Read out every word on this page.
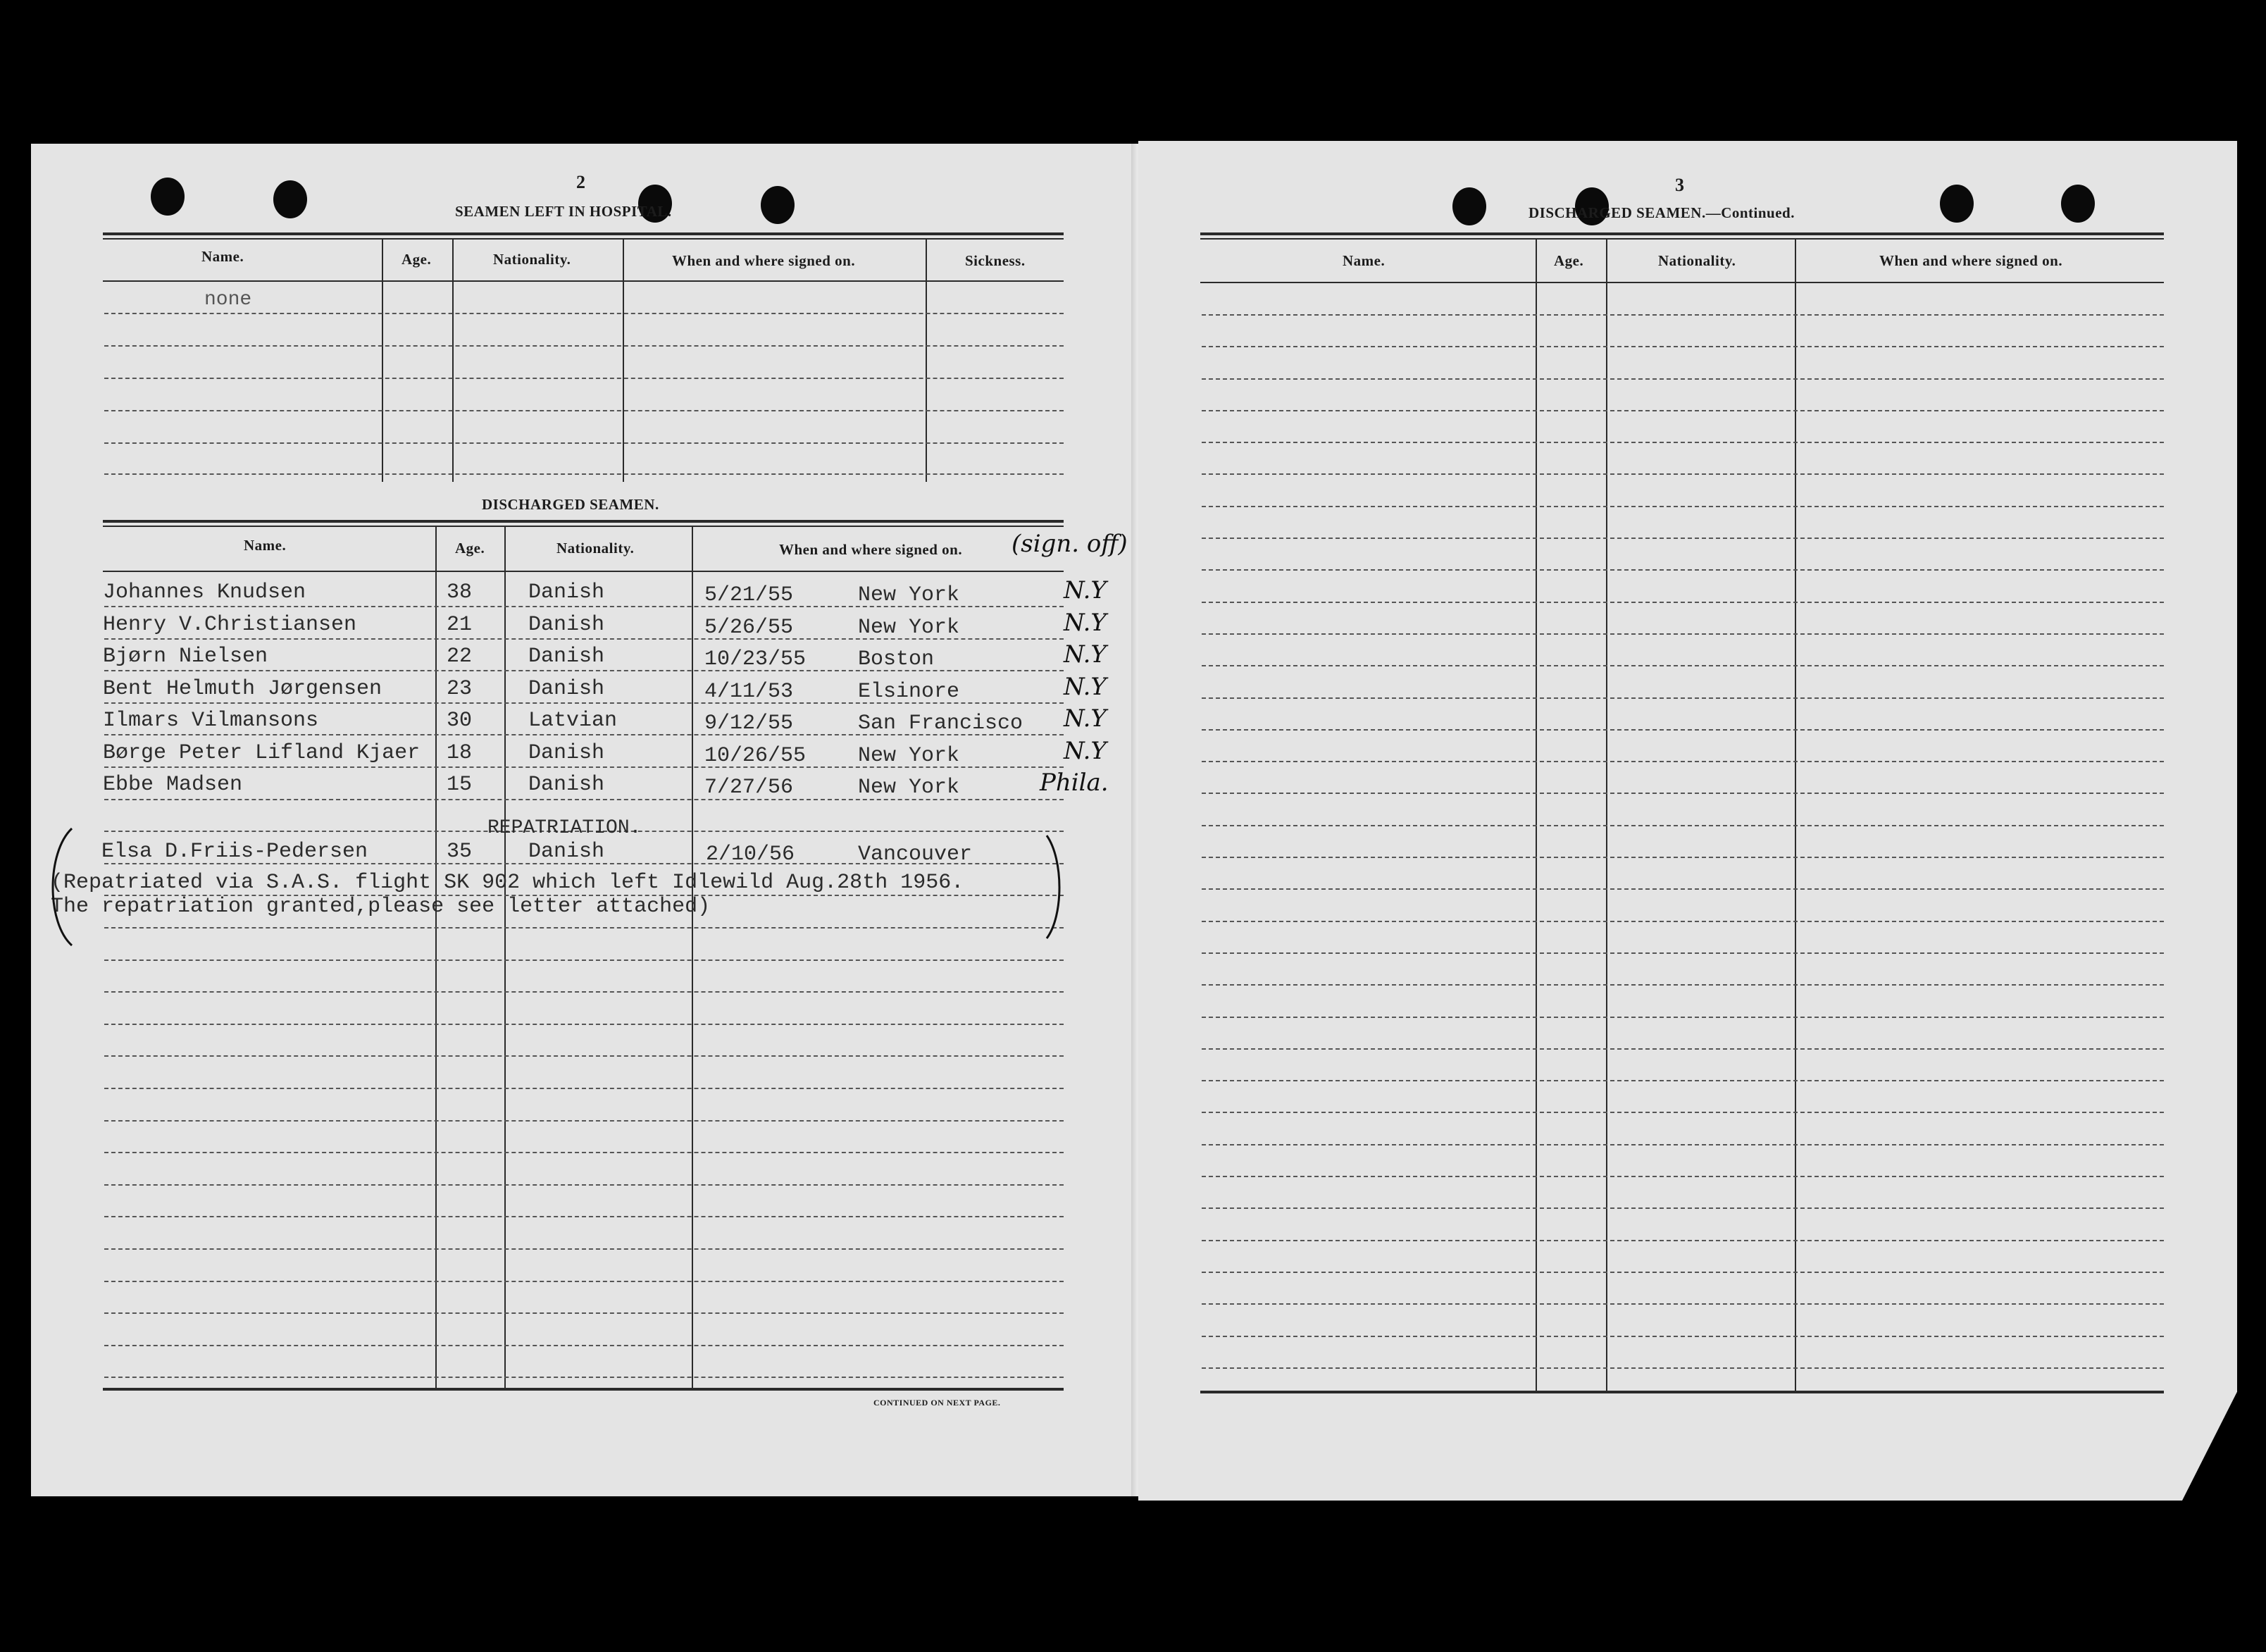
2
SEAMEN LEFT IN HOSPITAL.
Name.	Age.	Nationality.	When and where signed on.	Sickness.
none
DISCHARGED SEAMEN.
Name.	Age.	Nationality.	When and where signed on. (sign. off)
Johannes Knudsen	38	Danish	5/21/55	New York	N.Y
Henry V.Christiansen	21	Danish	5/26/55	New York	N.Y
Bjørn Nielsen	22	Danish	10/23/55 Boston	N.Y
Bent Helmuth Jørgensen	23	Danish	4/11/53	Elsinore	N.Y
Ilmars Vilmansons	30	Latvian	9/12/55	San Francisco N.Y
Børge Peter Lifland Kjaer 18	Danish	10/26/55 New York	N.Y
Ebbe Madsen	15	Danish	7/27/56	New York	Phila.
REPATRIATION.
Elsa D.Friis-Pedersen	35	Danish	2/10/56	Vancouver
(Repatriated via S.A.S. flight SK 902 which left Idlewild Aug.28th 1956.
The repatriation granted,please see letter attached)
CONTINUED ON NEXT PAGE.
3
DISCHARGED SEAMEN.—Continued.
Name.	Age.	Nationality.	When and where signed on.
